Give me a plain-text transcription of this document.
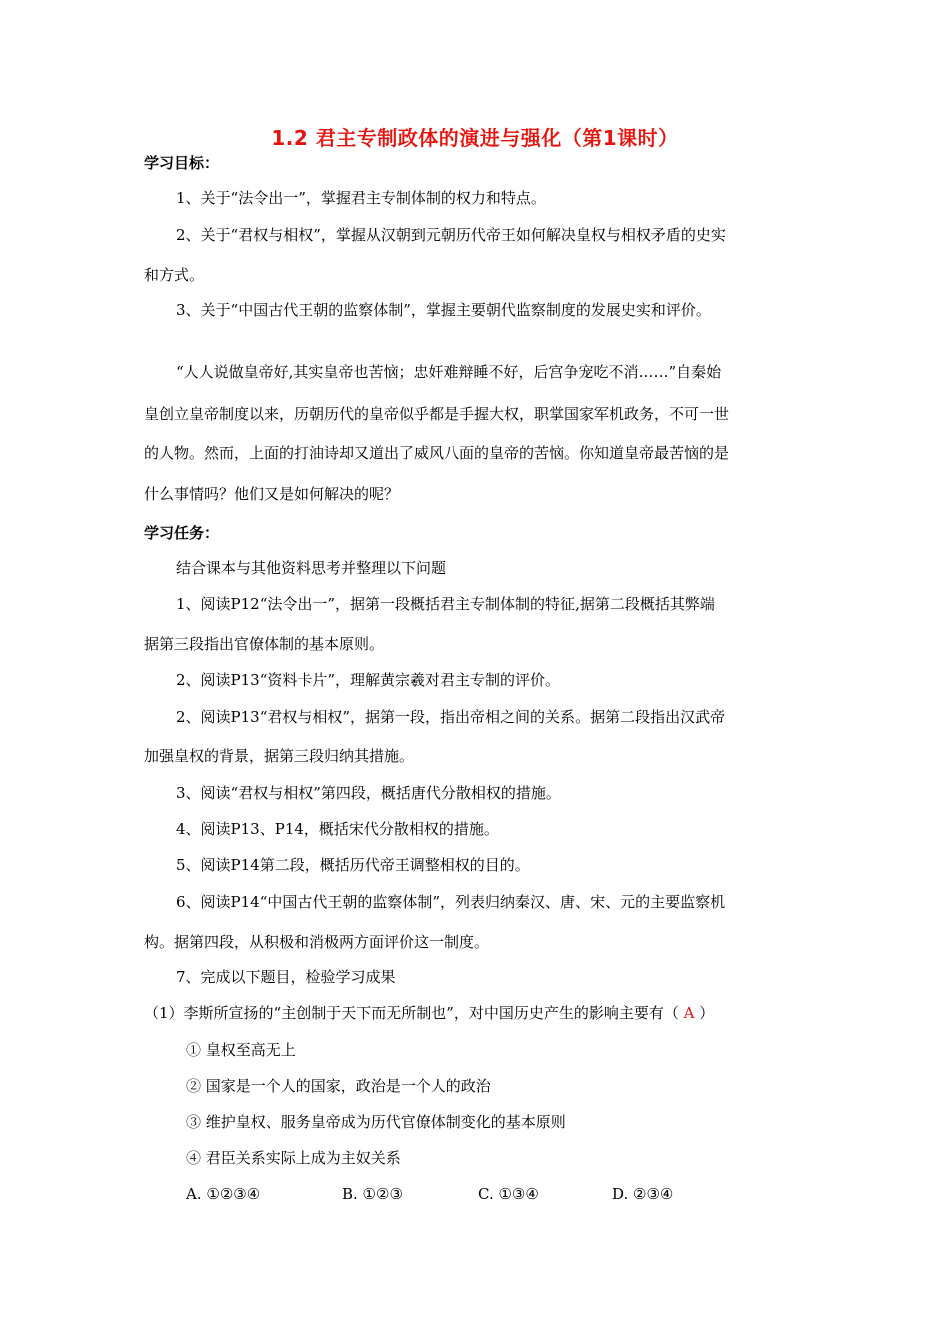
1.2 君主专制政体的演进与强化（第1课时）
学习目标：
1、关于“法令出一”，掌握君主专制体制的权力和特点。
2、关于“君权与相权”，掌握从汉朝到元朝历代帝王如何解决皇权与相权矛盾的史实
和方式。
3、关于“中国古代王朝的监察体制”，掌握主要朝代监察制度的发展史实和评价。
“人人说做皇帝好,其实皇帝也苦恼；忠奸难辩睡不好，后宫争宠吃不消……”自秦始
皇创立皇帝制度以来，历朝历代的皇帝似乎都是手握大权，职掌国家军机政务，不可一世
的人物。然而，上面的打油诗却又道出了威风八面的皇帝的苦恼。你知道皇帝最苦恼的是
什么事情吗？他们又是如何解决的呢？
学习任务：
结合课本与其他资料思考并整理以下问题
1、阅读P12“法令出一”，据第一段概括君主专制体制的特征,据第二段概括其弊端
据第三段指出官僚体制的基本原则。
2、阅读P13“资料卡片”，理解黄宗羲对君主专制的评价。
2、阅读P13“君权与相权”，据第一段，指出帝相之间的关系。据第二段指出汉武帝
加强皇权的背景，据第三段归纳其措施。
3、阅读“君权与相权”第四段，概括唐代分散相权的措施。
4、阅读P13、P14，概括宋代分散相权的措施。
5、阅读P14第二段，概括历代帝王调整相权的目的。
6、阅读P14“中国古代王朝的监察体制”，列表归纳秦汉、唐、宋、元的主要监察机
构。据第四段，从积极和消极两方面评价这一制度。
7、完成以下题目，检验学习成果
（1）李斯所宣扬的“主创制于天下而无所制也”，对中国历史产生的影响主要有（ A ）
① 皇权至高无上
② 国家是一个人的国家，政治是一个人的政治
③ 维护皇权、服务皇帝成为历代官僚体制变化的基本原则
④ 君臣关系实际上成为主奴关系
A. ①②③④	B. ①②③	C. ①③④	D. ②③④
